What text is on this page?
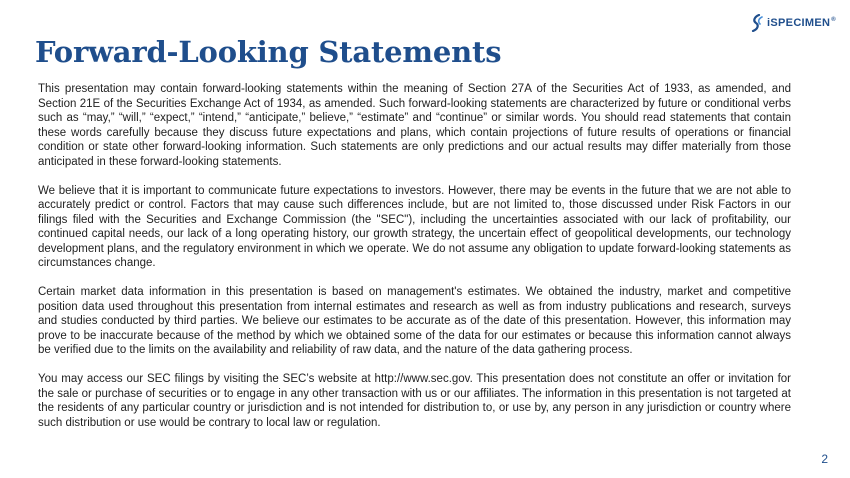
iSPECIMEN®
Forward-Looking Statements

This presentation may contain forward-looking statements within the meaning of Section 27A of the Securities Act of 1933, as amended, and Section 21E of the Securities Exchange Act of 1934, as amended. Such forward-looking statements are characterized by future or conditional verbs such as “may,” “will,” “expect,” “intend,” “anticipate,” believe,” “estimate” and “continue” or similar words. You should read statements that contain these words carefully because they discuss future expectations and plans, which contain projections of future results of operations or financial condition or state other forward-looking information. Such statements are only predictions and our actual results may differ materially from those anticipated in these forward-looking statements.

We believe that it is important to communicate future expectations to investors. However, there may be events in the future that we are not able to accurately predict or control. Factors that may cause such differences include, but are not limited to, those discussed under Risk Factors in our filings filed with the Securities and Exchange Commission (the "SEC"), including the uncertainties associated with our lack of profitability, our continued capital needs, our lack of a long operating history, our growth strategy, the uncertain effect of geopolitical developments, our technology development plans, and the regulatory environment in which we operate. We do not assume any obligation to update forward-looking statements as circumstances change.

Certain market data information in this presentation is based on management's estimates. We obtained the industry, market and competitive position data used throughout this presentation from internal estimates and research as well as from industry publications and research, surveys and studies conducted by third parties. We believe our estimates to be accurate as of the date of this presentation. However, this information may prove to be inaccurate because of the method by which we obtained some of the data for our estimates or because this information cannot always be verified due to the limits on the availability and reliability of raw data, and the nature of the data gathering process.

You may access our SEC filings by visiting the SEC’s website at http://www.sec.gov. This presentation does not constitute an offer or invitation for the sale or purchase of securities or to engage in any other transaction with us or our affiliates. The information in this presentation is not targeted at the residents of any particular country or jurisdiction and is not intended for distribution to, or use by, any person in any jurisdiction or country where such distribution or use would be contrary to local law or regulation.

2
